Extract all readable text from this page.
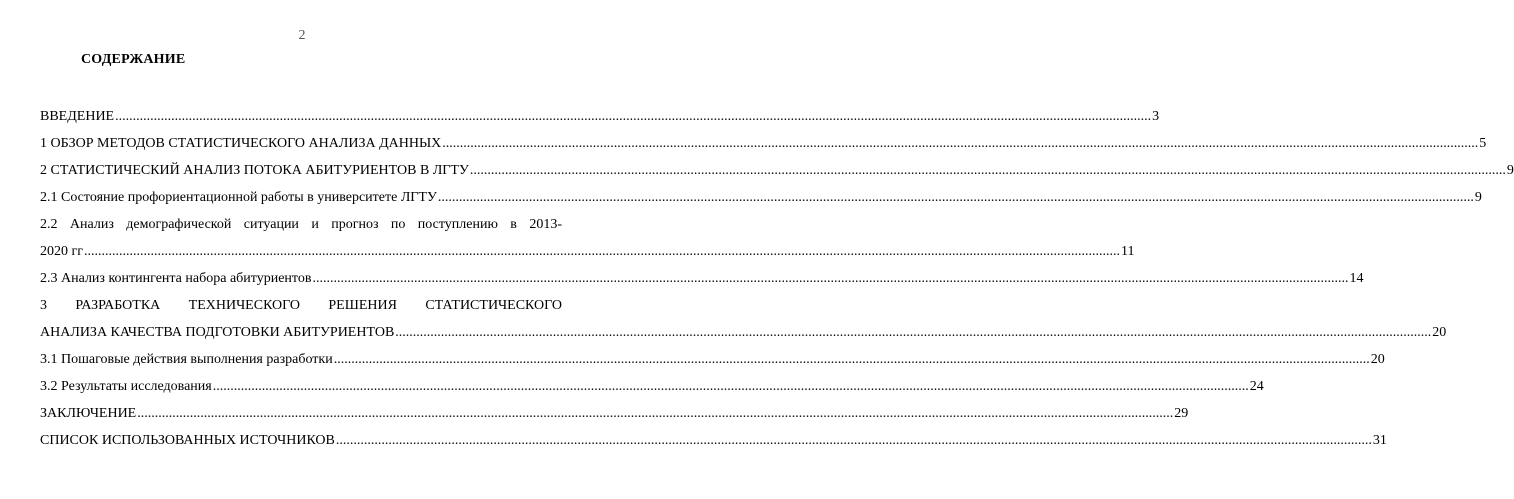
2
СОДЕРЖАНИЕ
ВВЕДЕНИЕ .....	3
1 ОБЗОР МЕТОДОВ СТАТИСТИЧЕСКОГО АНАЛИЗА ДАННЫХ .....	5
2 СТАТИСТИЧЕСКИЙ АНАЛИЗ ПОТОКА АБИТУРИЕНТОВ В ЛГТУ .....	9
2.1 Состояние профориентационной работы в университете ЛГТУ .....	9
2.2 Анализ демографической ситуации и прогноз по поступлению в 2013-
2020 гг .....	11
2.3 Анализ контингента набора абитуриентов .....	14
3 РАЗРАБОТКА ТЕХНИЧЕСКОГО РЕШЕНИЯ СТАТИСТИЧЕСКОГО
АНАЛИЗА КАЧЕСТВА ПОДГОТОВКИ АБИТУРИЕНТОВ .....	20
3.1 Пошаговые действия выполнения разработки .....	20
3.2 Результаты исследования .....	24
ЗАКЛЮЧЕНИЕ .....	29
СПИСОК ИСПОЛЬЗОВАННЫХ ИСТОЧНИКОВ .....	31
